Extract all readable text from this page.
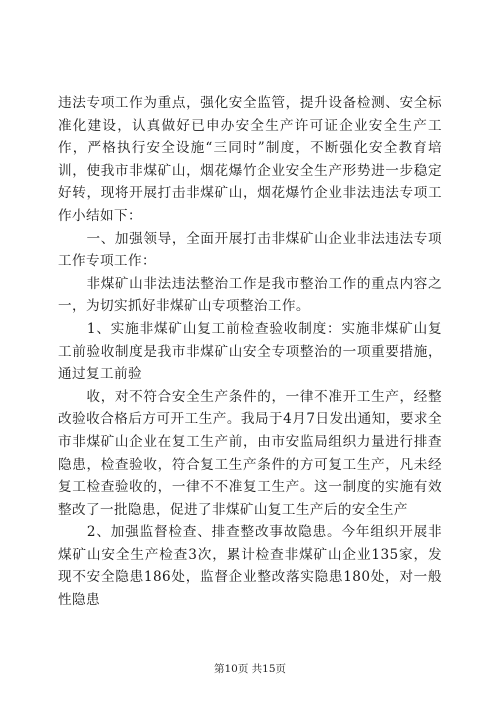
违法专项工作为重点，强化安全监管，提升设备检测、安全标准化建设，认真做好已申办安全生产许可证企业安全生产工作，严格执行安全设施“三同时”制度，不断强化安全教育培训，使我市非煤矿山，烟花爆竹企业安全生产形势进一步稳定好转，现将开展打击非煤矿山，烟花爆竹企业非法违法专项工作小结如下：

　　一、加强领导，全面开展打击非煤矿山企业非法违法专项工作专项工作：

　　非煤矿山非法违法整治工作是我市整治工作的重点内容之一，为切实抓好非煤矿山专项整治工作。

　　1、实施非煤矿山复工前检查验收制度：实施非煤矿山复工前验收制度是我市非煤矿山安全专项整治的一项重要措施，通过复工前验

　　收，对不符合安全生产条件的，一律不准开工生产，经整改验收合格后方可开工生产。我局于4月7日发出通知，要求全市非煤矿山企业在复工生产前，由市安监局组织力量进行排查隐患，检查验收，符合复工生产条件的方可复工生产，凡未经复工检查验收的，一律不不准复工生产。这一制度的实施有效整改了一批隐患，促进了非煤矿山复工生产后的安全生产

　　2、加强监督检查、排查整改事故隐患。今年组织开展非煤矿山安全生产检查3次，累计检查非煤矿山企业135家，发现不安全隐患186处，监督企业整改落实隐患180处，对一般性隐患

第10页 共15页
